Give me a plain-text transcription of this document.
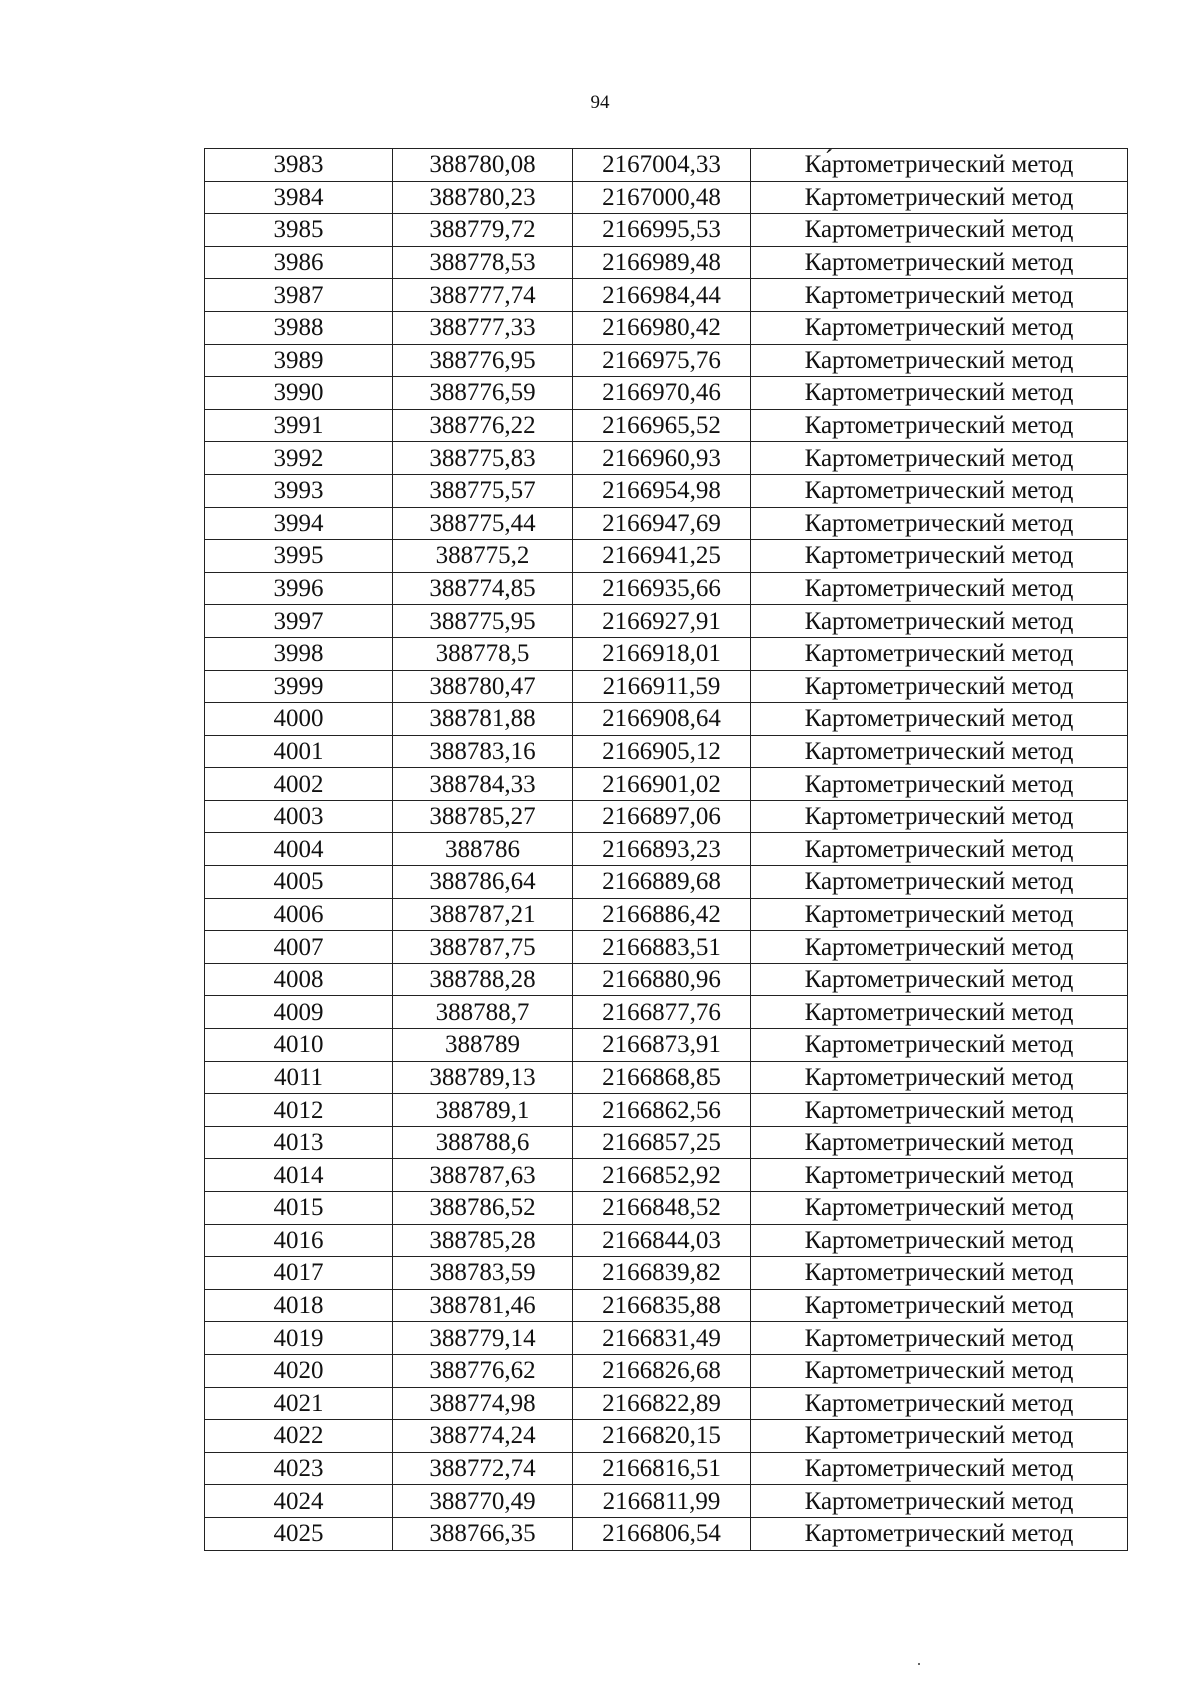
94
3983	388780,08	2167004,33	Ка́ртометрический метод
3984	388780,23	2167000,48	Картометрический метод
3985	388779,72	2166995,53	Картометрический метод
3986	388778,53	2166989,48	Картометрический метод
3987	388777,74	2166984,44	Картометрический метод
3988	388777,33	2166980,42	Картометрический метод
3989	388776,95	2166975,76	Картометрический метод
3990	388776,59	2166970,46	Картометрический метод
3991	388776,22	2166965,52	Картометрический метод
3992	388775,83	2166960,93	Картометрический метод
3993	388775,57	2166954,98	Картометрический метод
3994	388775,44	2166947,69	Картометрический метод
3995	388775,2	2166941,25	Картометрический метод
3996	388774,85	2166935,66	Картометрический метод
3997	388775,95	2166927,91	Картометрический метод
3998	388778,5	2166918,01	Картометрический метод
3999	388780,47	2166911,59	Картометрический метод
4000	388781,88	2166908,64	Картометрический метод
4001	388783,16	2166905,12	Картометрический метод
4002	388784,33	2166901,02	Картометрический метод
4003	388785,27	2166897,06	Картометрический метод
4004	388786	2166893,23	Картометрический метод
4005	388786,64	2166889,68	Картометрический метод
4006	388787,21	2166886,42	Картометрический метод
4007	388787,75	2166883,51	Картометрический метод
4008	388788,28	2166880,96	Картометрический метод
4009	388788,7	2166877,76	Картометрический метод
4010	388789	2166873,91	Картометрический метод
4011	388789,13	2166868,85	Картометрический метод
4012	388789,1	2166862,56	Картометрический метод
4013	388788,6	2166857,25	Картометрический метод
4014	388787,63	2166852,92	Картометрический метод
4015	388786,52	2166848,52	Картометрический метод
4016	388785,28	2166844,03	Картометрический метод
4017	388783,59	2166839,82	Картометрический метод
4018	388781,46	2166835,88	Картометрический метод
4019	388779,14	2166831,49	Картометрический метод
4020	388776,62	2166826,68	Картометрический метод
4021	388774,98	2166822,89	Картометрический метод
4022	388774,24	2166820,15	Картометрический метод
4023	388772,74	2166816,51	Картометрический метод
4024	388770,49	2166811,99	Картометрический метод
4025	388766,35	2166806,54	Картометрический метод
